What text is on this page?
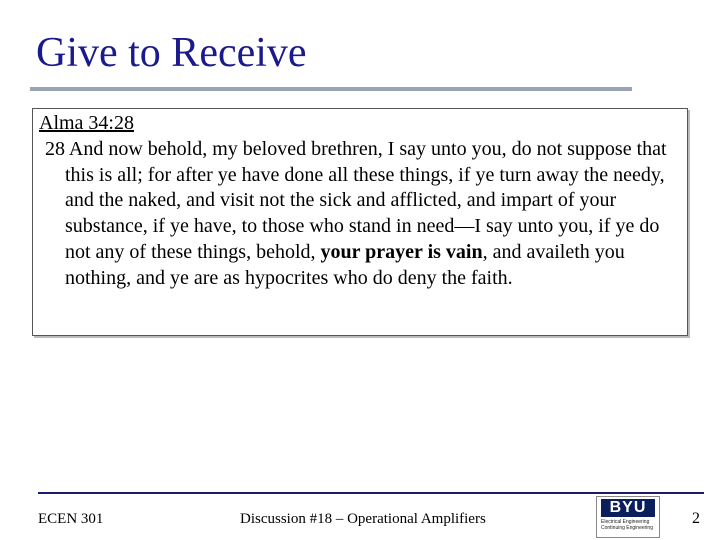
Give to Receive
Alma 34:28

28 And now behold, my beloved brethren, I say unto you, do not suppose that this is all; for after ye have done all these things, if ye turn away the needy, and the naked, and visit not the sick and afflicted, and impart of your substance, if ye have, to those who stand in need—I say unto you, if ye do not any of these things, behold, your prayer is vain, and availeth you nothing, and ye are as hypocrites who do deny the faith.

ECEN 301	Discussion #18 – Operational Amplifiers
BYU
Electrical Engineering Continuing Engineering
2
